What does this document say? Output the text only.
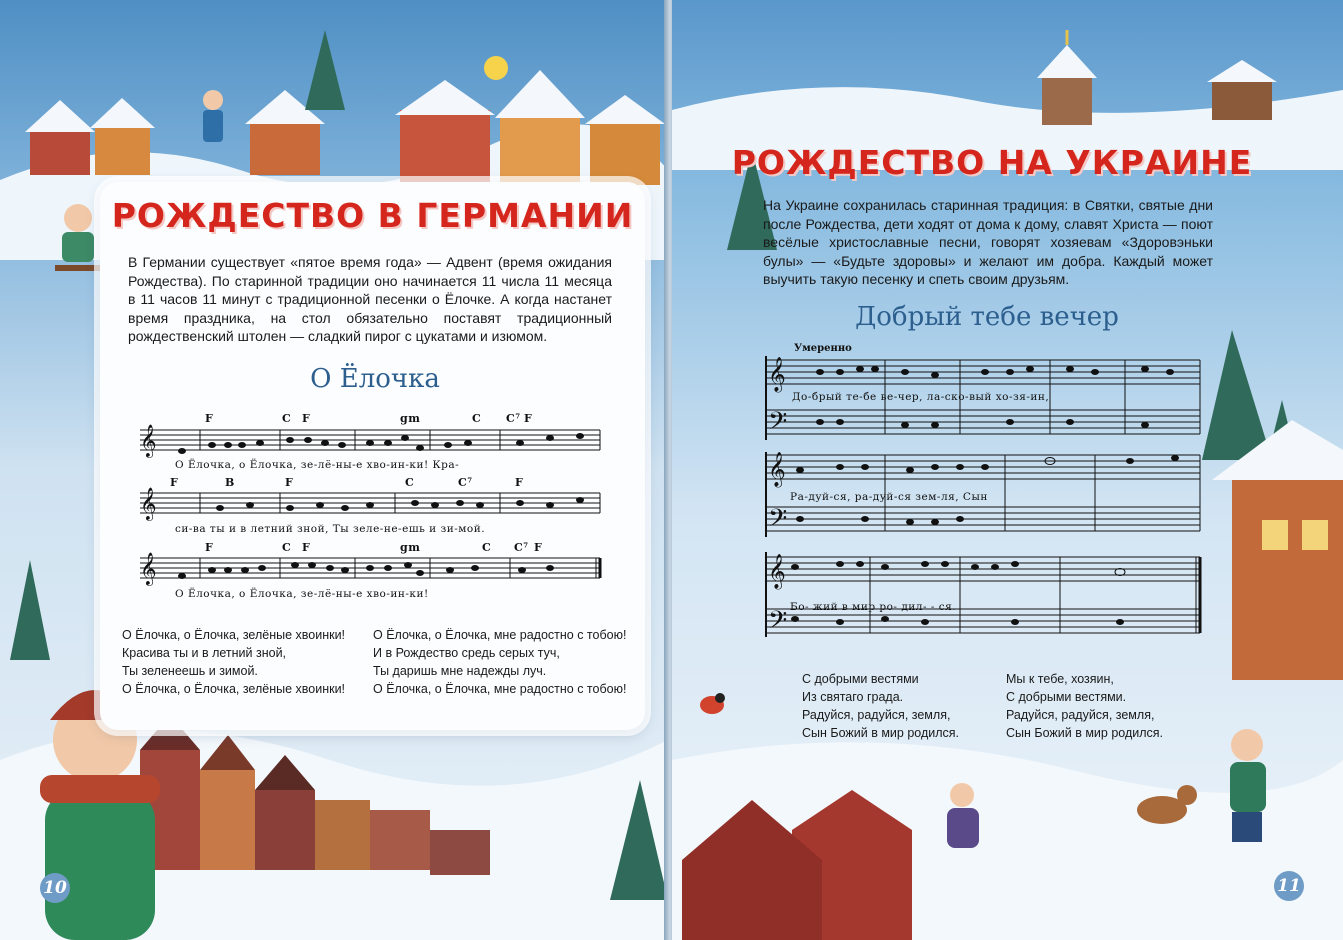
РОЖДЕСТВО В ГЕРМАНИИ

В Германии существует «пятое время года» — Адвент (время ожидания Рождества). По старинной традиции оно начинается 11 числа 11 месяца в 11 часов 11 минут с традиционной песенки о Ёлочке. А когда настанет время праздника, на стол обязательно поставят традиционный рождественский штолен — сладкий пирог с цукатами и изюмом.

О Ёлочка
𝄞
𝄞
𝄞
О Ёлочка, о Ёлочка, зе-лё-ны-е хво-ин-ки! Кра-
си-ва ты и в летний зной, Ты зеле-не-ешь и зи-мой.
О Ёлочка, о Ёлочка, зе-лё-ны-е хво-ин-ки!
F	C F	gm	C C⁷ F
F	B	F	C	C⁷	F
F	C F	gm	C C⁷ F
О Ёлочка, о Ёлочка, зелёные хвоинки!
Красива ты и в летний зной,
Ты зеленеешь и зимой.
О Ёлочка, о Ёлочка, зелёные хвоинки!
О Ёлочка, о Ёлочка, мне радостно с тобою!
И в Рождество средь серых туч,
Ты даришь мне надежды луч.
О Ёлочка, о Ёлочка, мне радостно с тобою!
10
РОЖДЕСТВО НА УКРАИНЕ

На Украине сохранилась старинная традиция: в Святки, святые дни после Рождества, дети ходят от дома к дому, славят Христа — поют весёлые христославные песни, говорят хозяевам «Здоровэньки булы» — «Будьте здоровы» и желают им добра. Каждый может выучить такую песенку и спеть своим друзьям.

Добрый тебе вечер
Умеренно
𝄞
𝄢
𝄞
𝄢
𝄞
𝄢
До-брый те-бе ве-чер, ла-ско-вый хо-зя-ин,
Ра-дуй-ся, ра-дуй-ся зем-ля, Сын
Бо- жий в мир ро- дил- - ся.
С добрыми вестями
Из святаго града.
Радуйся, радуйся, земля,
Сын Божий в мир родился.
Мы к тебе, хозяин,
С добрыми вестями.
Радуйся, радуйся, земля,
Сын Божий в мир родился.
11
